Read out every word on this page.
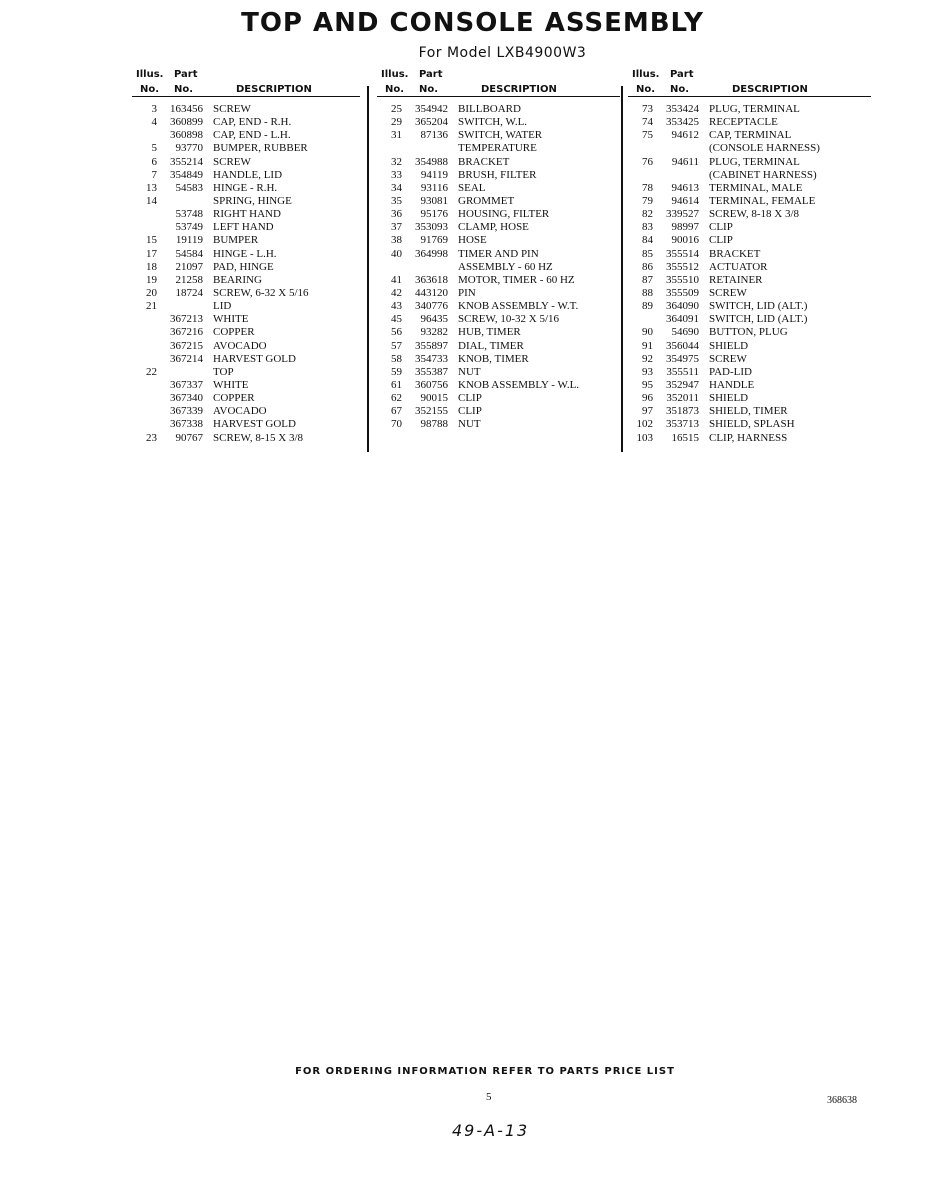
TOP AND CONSOLE ASSEMBLY
For Model LXB4900W3
Illus. Part
No. No.	DESCRIPTION
3	163456 SCREW
4	360899 CAP, END - R.H.
360898 CAP, END - L.H.
5	93770 BUMPER, RUBBER
6	355214 SCREW
7	354849 HANDLE, LID
13	54583 HINGE - R.H.
14	SPRING, HINGE
53748 RIGHT HAND
53749 LEFT HAND
15	19119 BUMPER
17	54584 HINGE - L.H.
18	21097 PAD, HINGE
19	21258 BEARING
20	18724 SCREW, 6-32 X 5/16
21	LID
367213 WHITE
367216 COPPER
367215 AVOCADO
367214 HARVEST GOLD
22	TOP
367337 WHITE
367340 COPPER
367339 AVOCADO
367338 HARVEST GOLD
23	90767 SCREW, 8-15 X 3/8
Illus. Part
No. No.	DESCRIPTION
25	354942 BILLBOARD
29	365204 SWITCH, W.L.
31	87136 SWITCH, WATER
TEMPERATURE
32	354988 BRACKET
33	94119 BRUSH, FILTER
34	93116 SEAL
35	93081 GROMMET
36	95176 HOUSING, FILTER
37	353093 CLAMP, HOSE
38	91769 HOSE
40	364998 TIMER AND PIN
ASSEMBLY - 60 HZ
41	363618 MOTOR, TIMER - 60 HZ
42	443120 PIN
43	340776 KNOB ASSEMBLY - W.T.
45	96435 SCREW, 10-32 X 5/16
56	93282 HUB, TIMER
57	355897 DIAL, TIMER
58	354733 KNOB, TIMER
59	355387 NUT
61	360756 KNOB ASSEMBLY - W.L.
62	90015 CLIP
67	352155 CLIP
70	98788 NUT
Illus. Part
No. No.	DESCRIPTION
73	353424 PLUG, TERMINAL
74	353425 RECEPTACLE
75	94612 CAP, TERMINAL
(CONSOLE HARNESS)
76	94611 PLUG, TERMINAL
(CABINET HARNESS)
78	94613 TERMINAL, MALE
79	94614 TERMINAL, FEMALE
82	339527 SCREW, 8-18 X 3/8
83	98997 CLIP
84	90016 CLIP
85	355514 BRACKET
86	355512 ACTUATOR
87	355510 RETAINER
88	355509 SCREW
89	364090 SWITCH, LID (ALT.)
364091 SWITCH, LID (ALT.)
90	54690 BUTTON, PLUG
91	356044 SHIELD
92	354975 SCREW
93	355511 PAD-LID
95	352947 HANDLE
96	352011 SHIELD
97	351873 SHIELD, TIMER
102	353713 SHIELD, SPLASH
103	16515 CLIP, HARNESS
FOR ORDERING INFORMATION REFER TO PARTS PRICE LIST
5	368638
49-A-13
